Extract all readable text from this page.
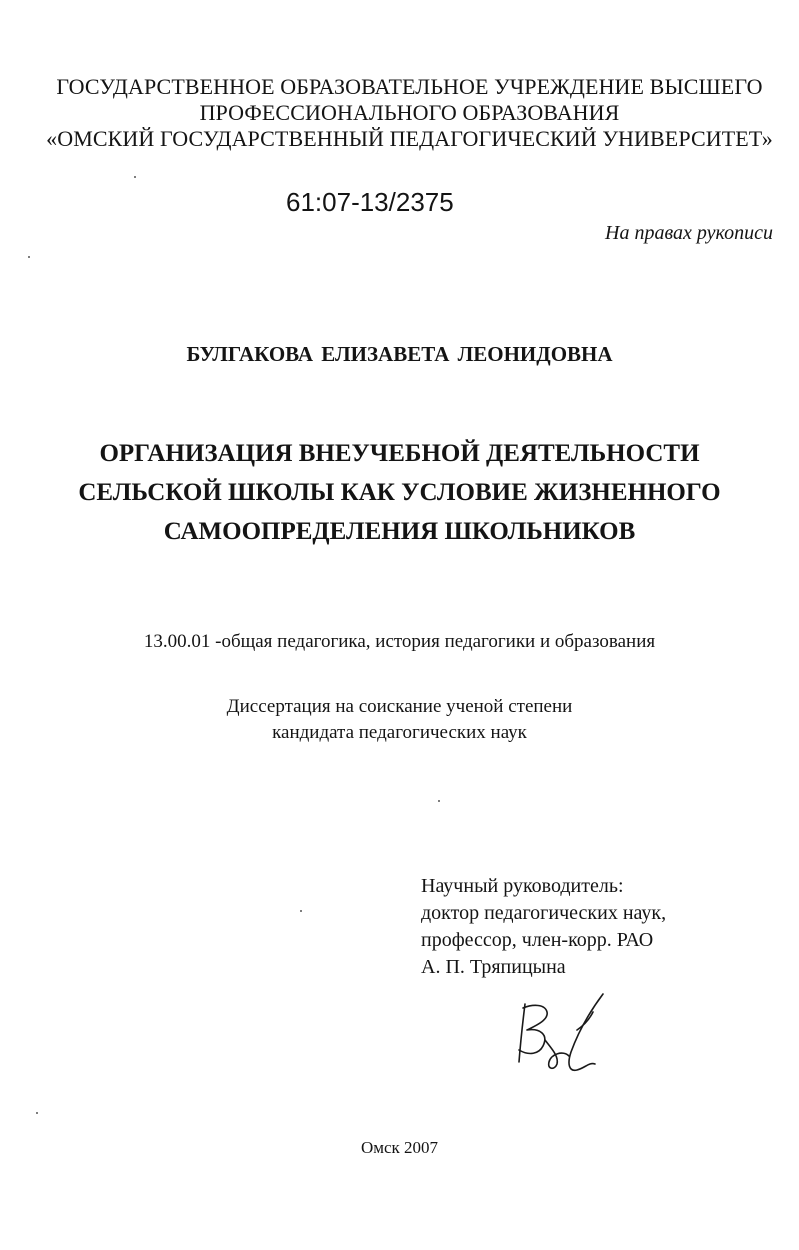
ГОСУДАРСТВЕННОЕ ОБРАЗОВАТЕЛЬНОЕ УЧРЕЖДЕНИЕ ВЫСШЕГО
ПРОФЕССИОНАЛЬНОГО ОБРАЗОВАНИЯ
«ОМСКИЙ ГОСУДАРСТВЕННЫЙ ПЕДАГОГИЧЕСКИЙ УНИВЕРСИТЕТ»
61:07-13/2375
На правах рукописи
БУЛГАКОВА ЕЛИЗАВЕТА ЛЕОНИДОВНА
ОРГАНИЗАЦИЯ ВНЕУЧЕБНОЙ ДЕЯТЕЛЬНОСТИ
СЕЛЬСКОЙ ШКОЛЫ КАК УСЛОВИЕ ЖИЗНЕННОГО
САМООПРЕДЕЛЕНИЯ ШКОЛЬНИКОВ
13.00.01 -общая педагогика, история педагогики и образования
Диссертация на соискание ученой степени
кандидата педагогических наук
Научный руководитель:
доктор педагогических наук,
профессор, член-корр. РАО
А. П. Тряпицына
Омск 2007
